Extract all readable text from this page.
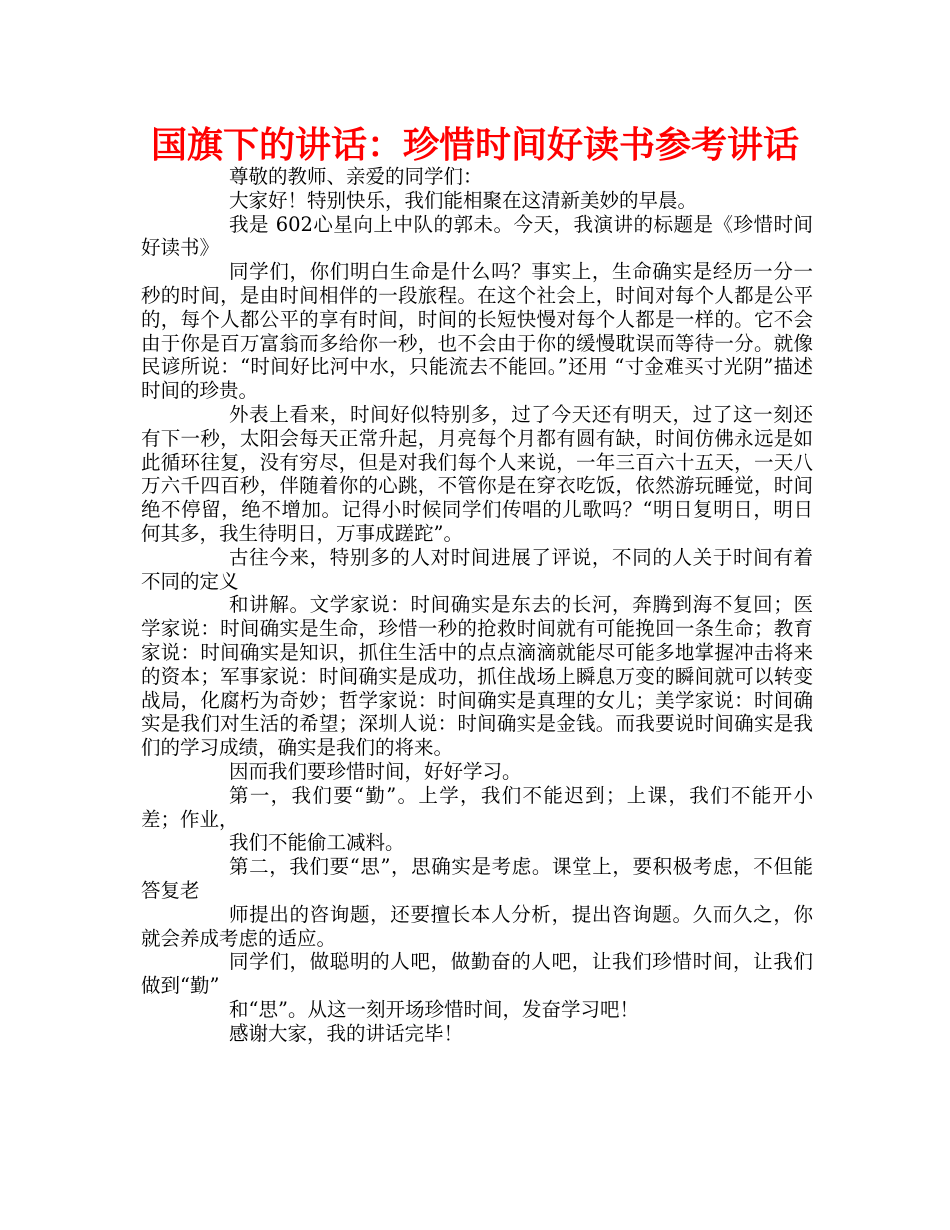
国旗下的讲话：珍惜时间好读书参考讲话

尊敬的教师、亲爱的同学们：

大家好！特别快乐，我们能相聚在这清新美妙的早晨。

我是 602心星向上中队的郭未。今天，我演讲的标题是《珍惜时间好读书》

同学们，你们明白生命是什么吗？事实上，生命确实是经历一分一秒的时间，是由时间相伴的一段旅程。在这个社会上，时间对每个人都是公平的，每个人都公平的享有时间，时间的长短快慢对每个人都是一样的。它不会由于你是百万富翁而多给你一秒，也不会由于你的缓慢耽误而等待一分。就像民谚所说：“时间好比河中水，只能流去不能回。”还用 “寸金难买寸光阴”描述时间的珍贵。

外表上看来，时间好似特别多，过了今天还有明天，过了这一刻还有下一秒，太阳会每天正常升起，月亮每个月都有圆有缺，时间仿佛永远是如此循环往复，没有穷尽，但是对我们每个人来说，一年三百六十五天，一天八万六千四百秒，伴随着你的心跳，不管你是在穿衣吃饭，依然游玩睡觉，时间绝不停留，绝不增加。记得小时候同学们传唱的儿歌吗？“明日复明日，明日何其多，我生待明日，万事成蹉跎”。

古往今来，特别多的人对时间进展了评说，不同的人关于时间有着不同的定义

和讲解。文学家说：时间确实是东去的长河，奔腾到海不复回；医学家说：时间确实是生命，珍惜一秒的抢救时间就有可能挽回一条生命；教育家说：时间确实是知识，抓住生活中的点点滴滴就能尽可能多地掌握冲击将来的资本；军事家说：时间确实是成功，抓住战场上瞬息万变的瞬间就可以转变战局，化腐朽为奇妙；哲学家说：时间确实是真理的女儿；美学家说：时间确实是我们对生活的希望；深圳人说：时间确实是金钱。而我要说时间确实是我们的学习成绩，确实是我们的将来。

因而我们要珍惜时间，好好学习。

第一，我们要“勤”。上学，我们不能迟到；上课，我们不能开小差；作业，

我们不能偷工减料。

第二，我们要“思”，思确实是考虑。课堂上，要积极考虑，不但能答复老

师提出的咨询题，还要擅长本人分析，提出咨询题。久而久之，你就会养成考虑的适应。

同学们，做聪明的人吧，做勤奋的人吧，让我们珍惜时间，让我们做到“勤”

和“思”。从这一刻开场珍惜时间，发奋学习吧！

感谢大家，我的讲话完毕！
